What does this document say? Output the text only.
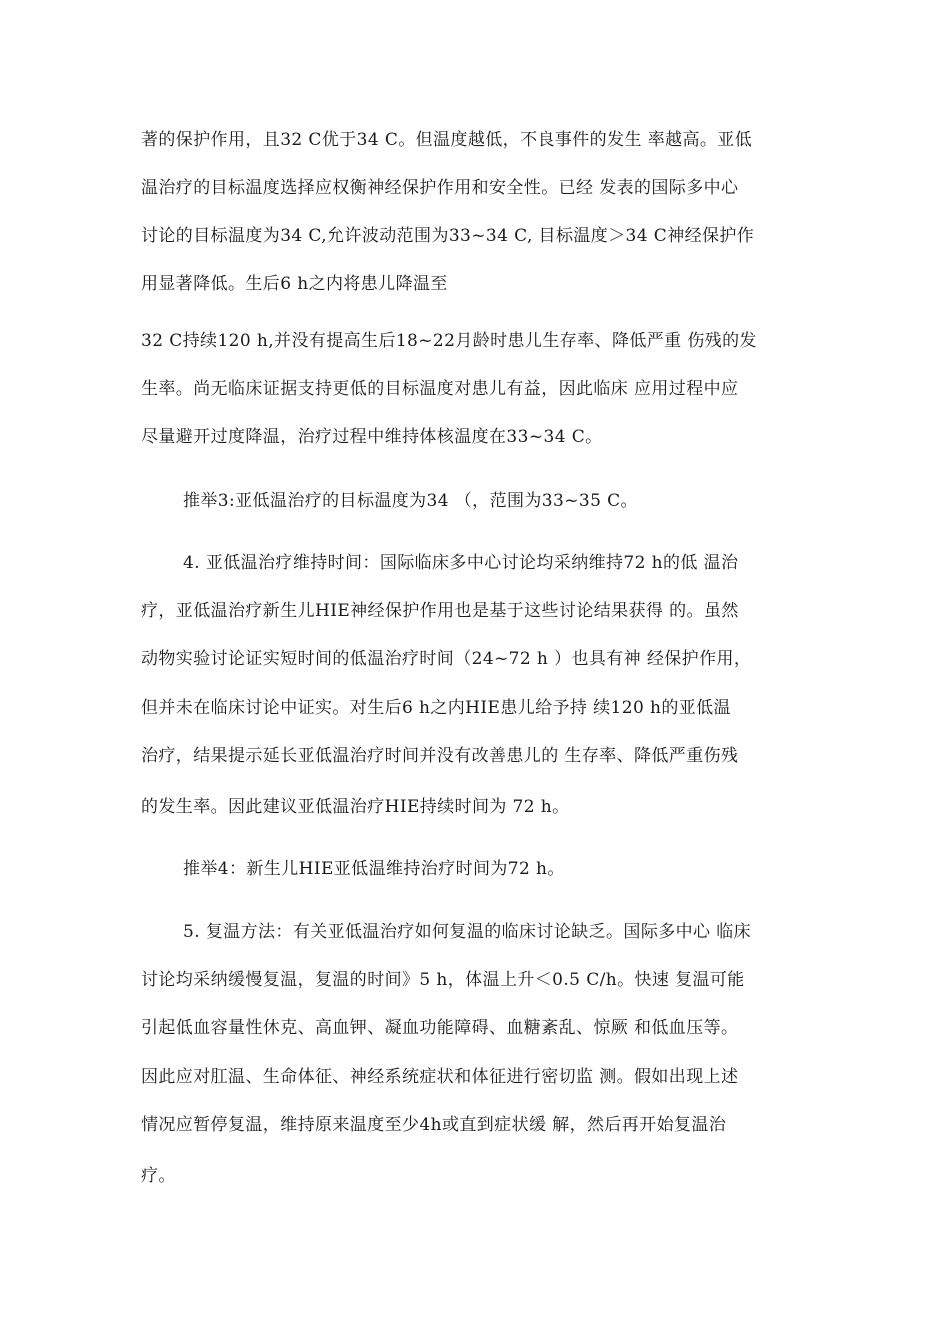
著的保护作用，且32 C优于34 C。但温度越低，不良事件的发生 率越高。亚低
温治疗的目标温度选择应权衡神经保护作用和安全性。已经 发表的国际多中心
讨论的目标温度为34 C,允许波动范围为33~34 C, 目标温度＞34 C神经保护作
用显著降低。生后6 h之内将患儿降温至
32 C持续120 h,并没有提高生后18~22月龄时患儿生存率、降低严重 伤残的发
生率。尚无临床证据支持更低的目标温度对患儿有益，因此临床 应用过程中应
尽量避开过度降温，治疗过程中维持体核温度在33~34 C。
推举3:亚低温治疗的目标温度为34 （，范围为33~35 C。
4. 亚低温治疗维持时间：国际临床多中心讨论均采纳维持72 h的低 温治
疗，亚低温治疗新生儿HIE神经保护作用也是基于这些讨论结果获得 的。虽然
动物实验讨论证实短时间的低温治疗时间（24~72 h ）也具有神 经保护作用，
但并未在临床讨论中证实。对生后6 h之内HIE患儿给予持 续120 h的亚低温
治疗，结果提示延长亚低温治疗时间并没有改善患儿的 生存率、降低严重伤残
的发生率。因此建议亚低温治疗HIE持续时间为 72 h。
推举4：新生儿HIE亚低温维持治疗时间为72 h。
5. 复温方法：有关亚低温治疗如何复温的临床讨论缺乏。国际多中心 临床
讨论均采纳缓慢复温，复温的时间》5 h，体温上升＜0.5 C/h。快速 复温可能
引起低血容量性休克、高血钾、凝血功能障碍、血糖紊乱、惊厥 和低血压等。
因此应对肛温、生命体征、神经系统症状和体征进行密切监 测。假如出现上述
情况应暂停复温，维持原来温度至少4h或直到症状缓 解，然后再开始复温治
疗。
